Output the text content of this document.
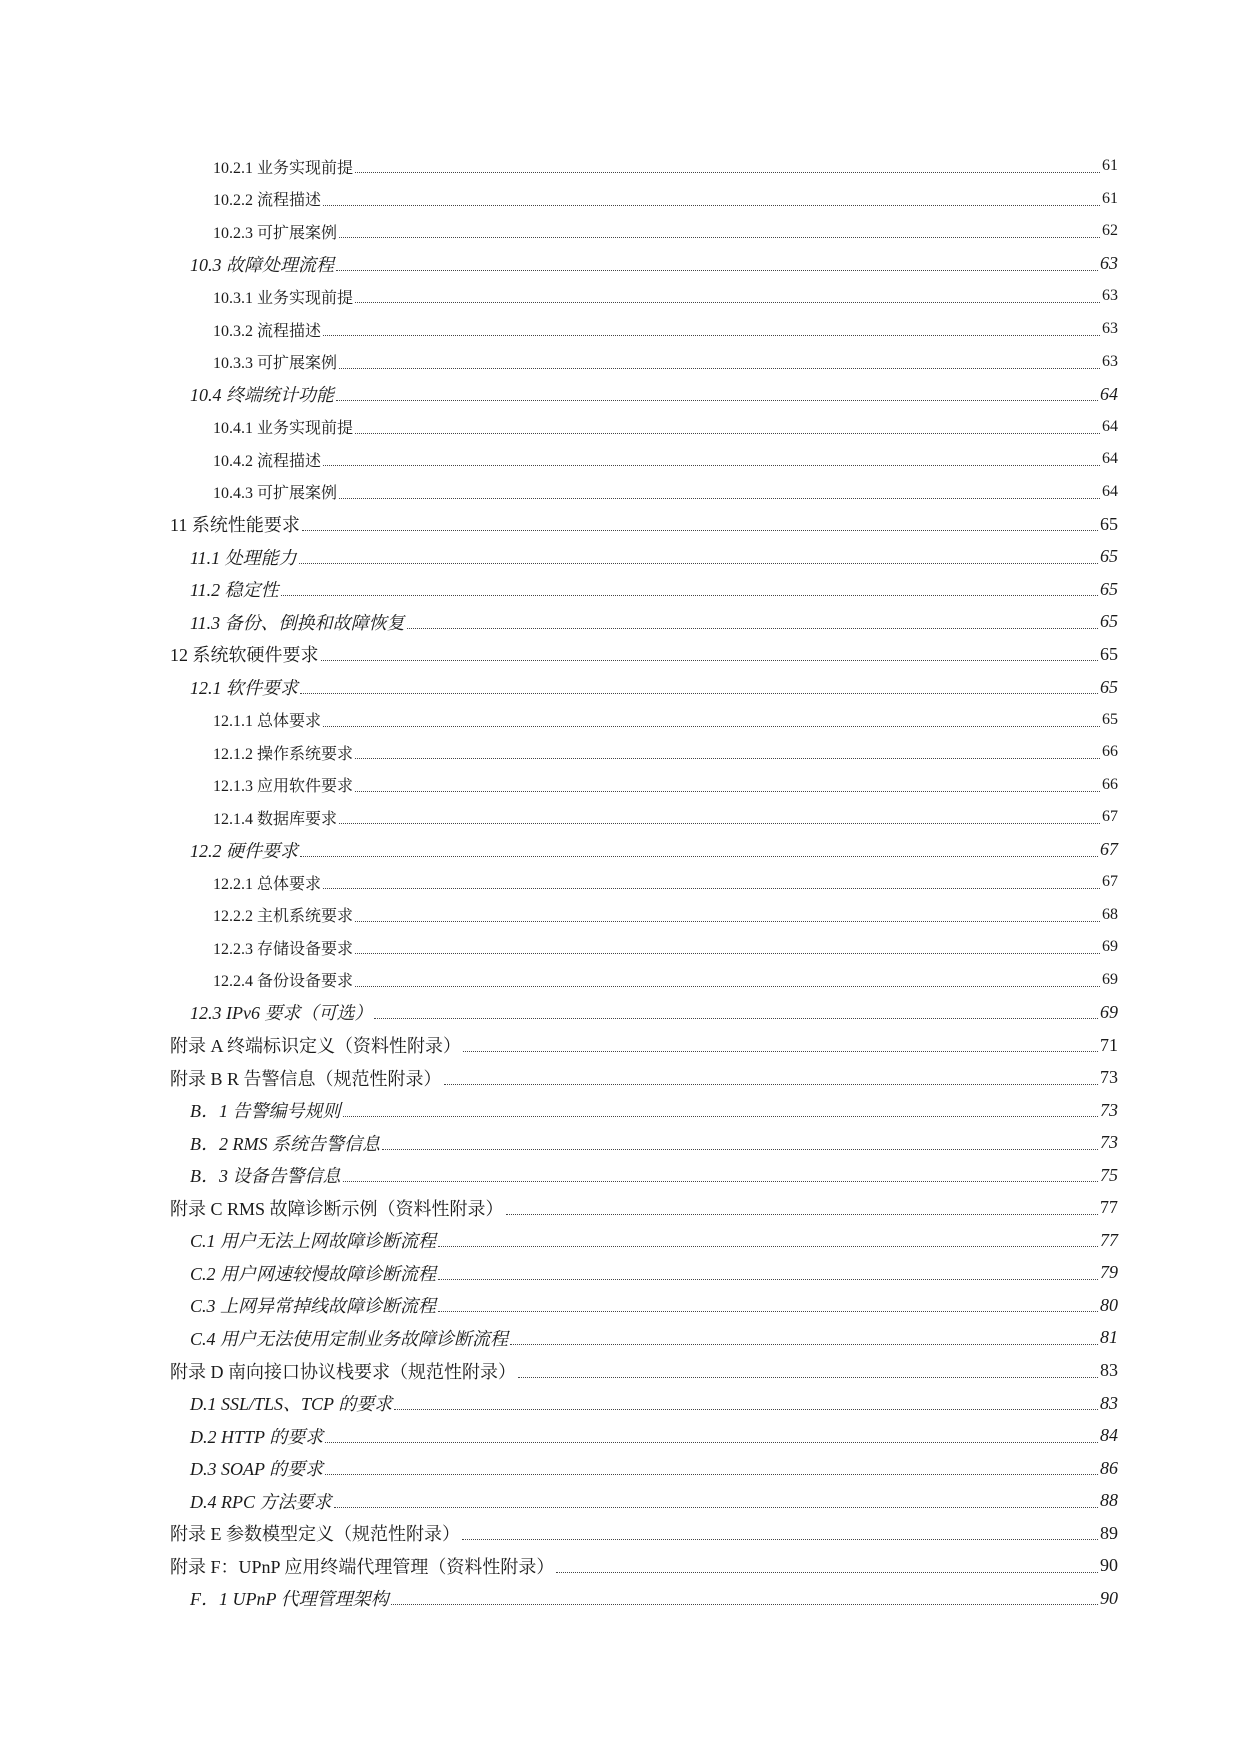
10.2.1 业务实现前提	61
10.2.2 流程描述	61
10.2.3 可扩展案例	62
10.3 故障处理流程	63
10.3.1 业务实现前提	63
10.3.2 流程描述	63
10.3.3 可扩展案例	63
10.4 终端统计功能	64
10.4.1 业务实现前提	64
10.4.2 流程描述	64
10.4.3 可扩展案例	64
11 系统性能要求	65
11.1 处理能力	65
11.2 稳定性	65
11.3 备份、倒换和故障恢复	65
12 系统软硬件要求	65
12.1 软件要求	65
12.1.1 总体要求	65
12.1.2 操作系统要求	66
12.1.3 应用软件要求	66
12.1.4 数据库要求	67
12.2 硬件要求	67
12.2.1 总体要求	67
12.2.2 主机系统要求	68
12.2.3 存储设备要求	69
12.2.4 备份设备要求	69
12.3 IPv6 要求（可选）	69
附录 A 终端标识定义（资料性附录）	71
附录 B R 告警信息（规范性附录）	73
B．1 告警编号规则	73
B．2 RMS 系统告警信息	73
B．3 设备告警信息	75
附录 C RMS 故障诊断示例（资料性附录）	77
C.1 用户无法上网故障诊断流程	77
C.2 用户网速较慢故障诊断流程	79
C.3 上网异常掉线故障诊断流程	80
C.4 用户无法使用定制业务故障诊断流程	81
附录 D 南向接口协议栈要求（规范性附录）	83
D.1 SSL/TLS、TCP 的要求	83
D.2 HTTP 的要求	84
D.3 SOAP 的要求	86
D.4 RPC 方法要求	88
附录 E 参数模型定义（规范性附录）	89
附录 F：UPnP 应用终端代理管理（资料性附录）	90
F．1 UPnP 代理管理架构	90
